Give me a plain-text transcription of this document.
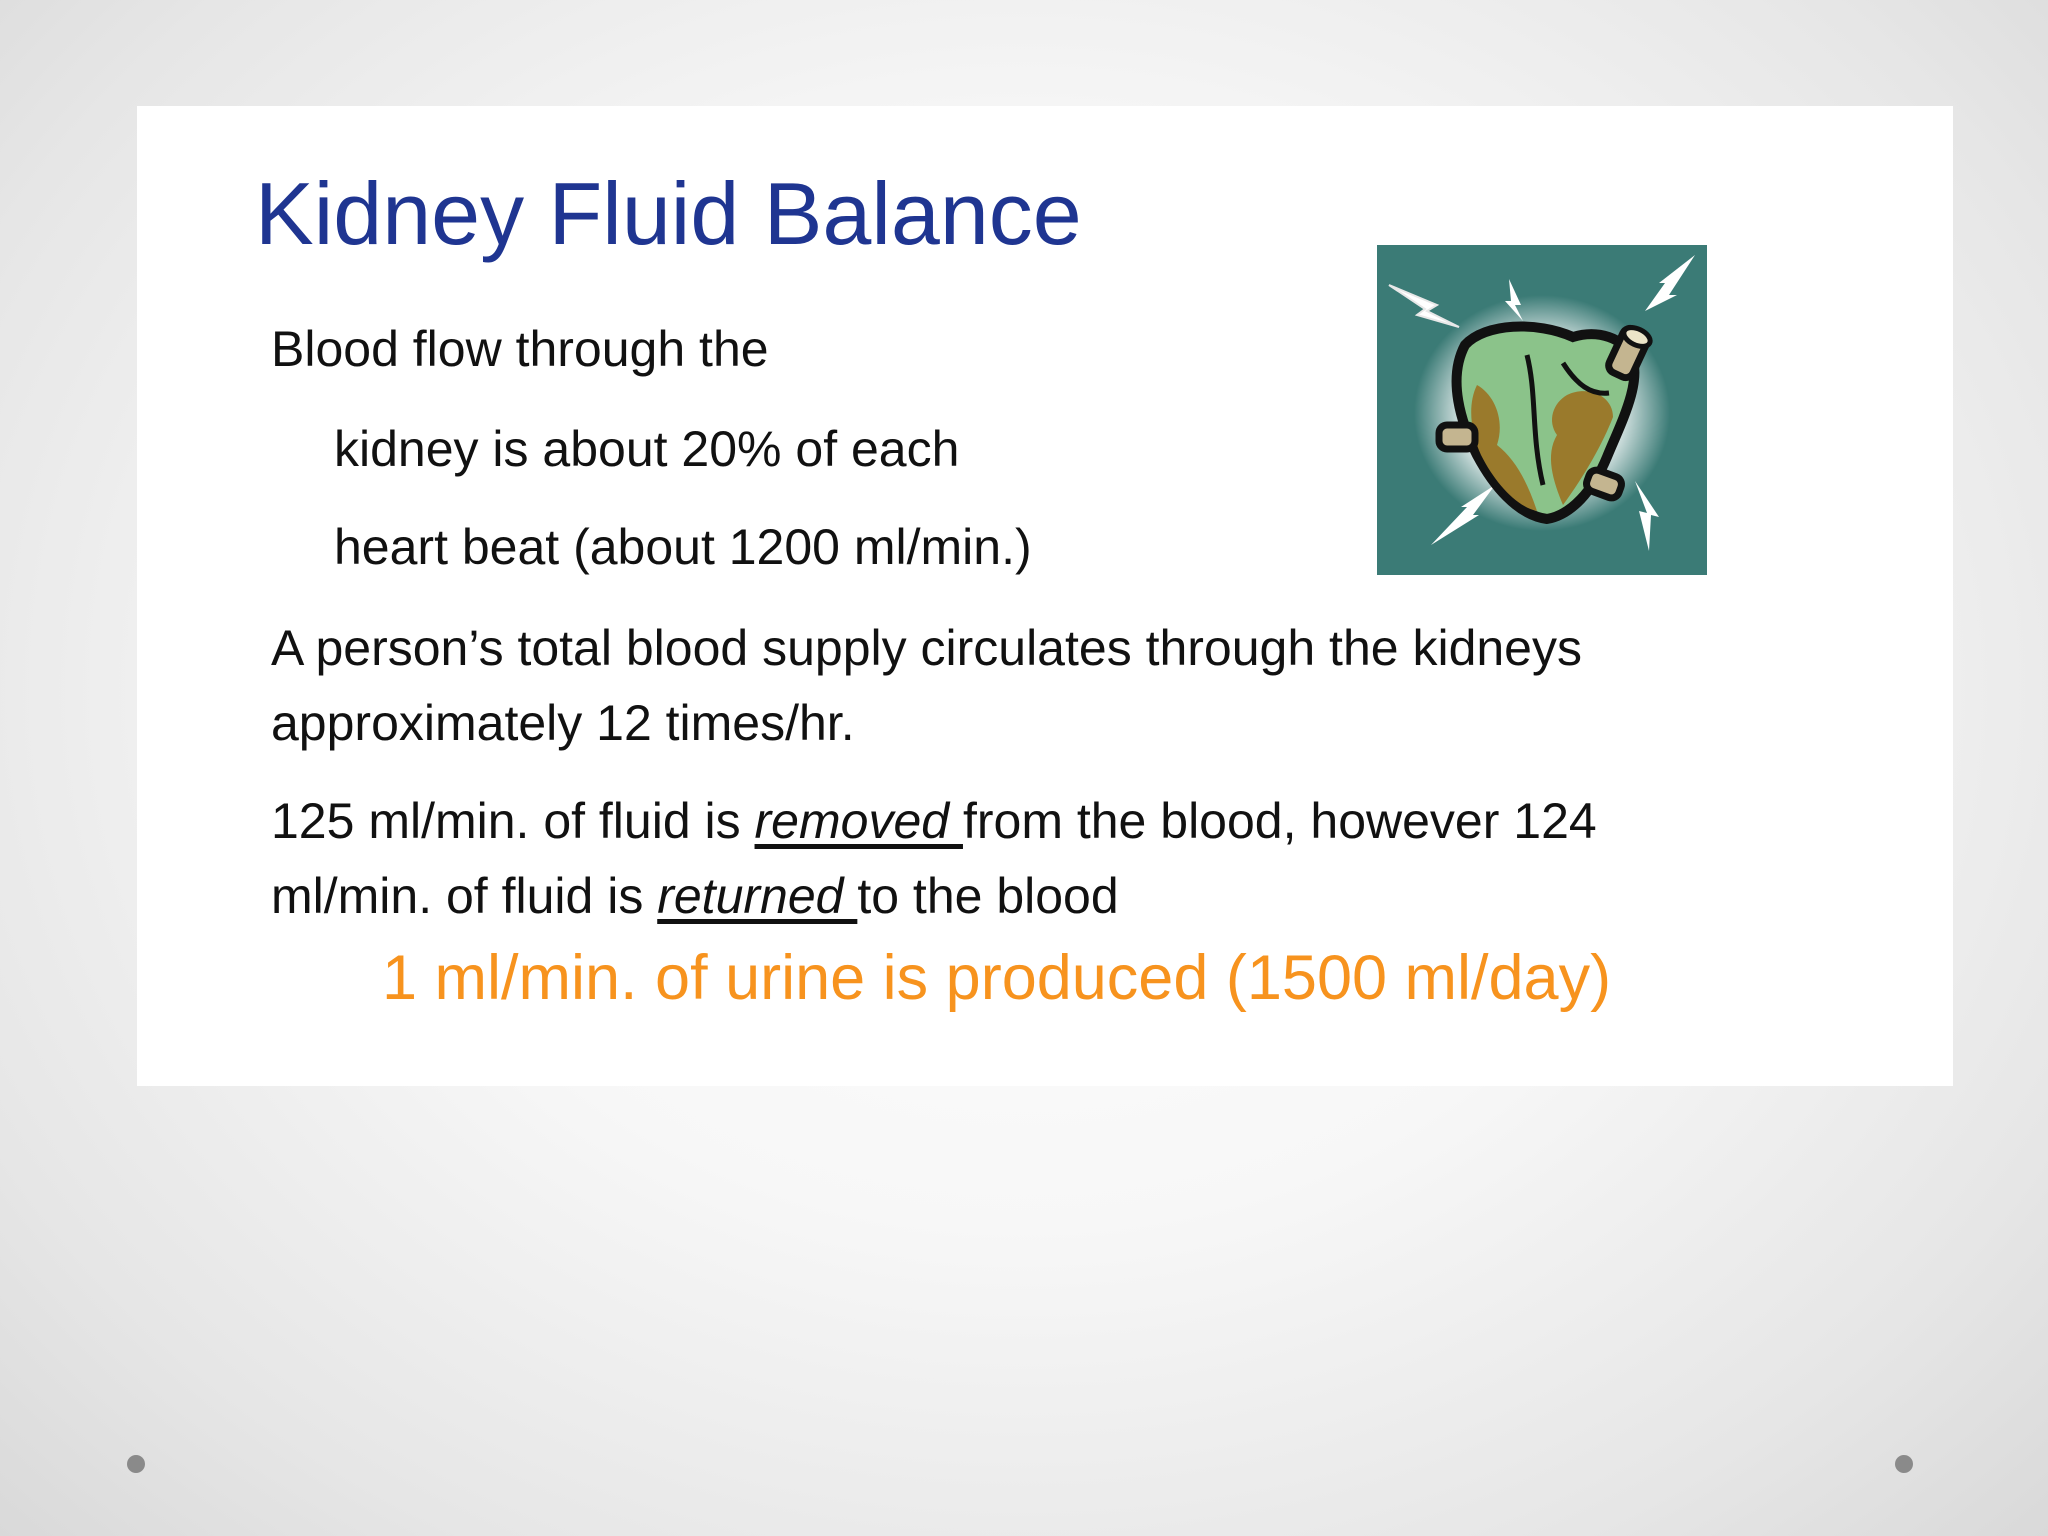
Kidney Fluid Balance

Blood flow through the

kidney is about 20% of each

heart beat (about 1200 ml/min.)

A person’s total blood supply circulates through the kidneys

approximately 12 times/hr.

125 ml/min. of fluid is removed from the blood, however 124

ml/min. of fluid is returned to the blood

1 ml/min. of urine is produced (1500 ml/day)
